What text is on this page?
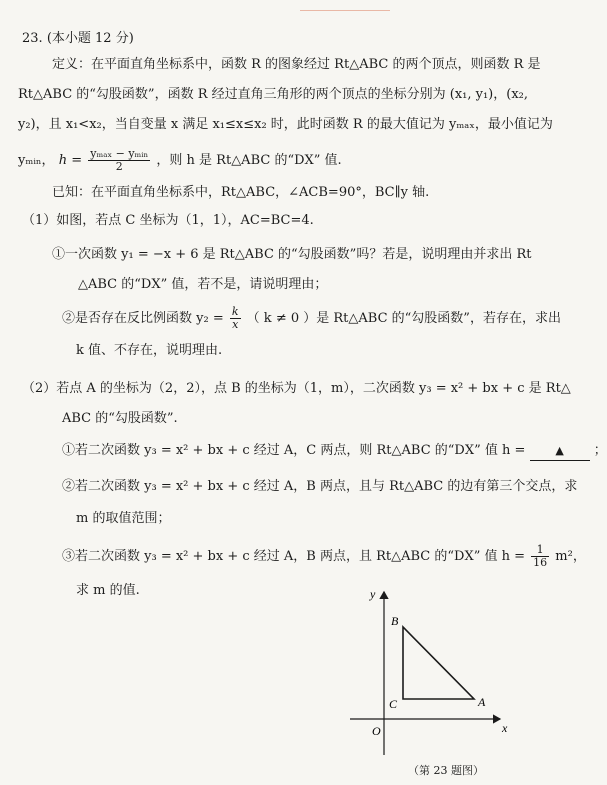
23. (本小题 12 分)
定义：在平面直角坐标系中，函数 R 的图象经过 Rt△ABC 的两个顶点，则函数 R 是
Rt△ABC 的“勾股函数”，函数 R 经过直角三角形的两个顶点的坐标分别为 (x₁, y₁)，(x₂,
y₂)，且 x₁<x₂，当自变量 x 满足 x₁≤x≤x₂ 时，此时函数 R 的最大值记为 yₘₐₓ，最小值记为
yₘᵢₙ， $h = \frac{\text{yₘₐₓ − yₘᵢₙ}}{2}$ ，则 h 是 Rt△ABC 的“DX” 值.
已知：在平面直角坐标系中，Rt△ABC，∠ACB=90°，BC∥y 轴.
（1）如图，若点 C 坐标为（1，1），AC=BC=4.
①一次函数 y₁ = −x + 6 是 Rt△ABC 的“勾股函数”吗？若是，说明理由并求出 Rt
△ABC 的“DX” 值，若不是，请说明理由；
②是否存在反比例函数 $y_2 = \frac{k}{x}$ （ k ≠ 0 ）是 Rt△ABC 的“勾股函数”，若存在，求出
k 值、不存在，说明理由.
（2）若点 A 的坐标为（2，2），点 B 的坐标为（1，m），二次函数 y₃ = x² + bx + c 是 Rt△
ABC 的“勾股函数”.
①若二次函数 y₃ = x² + bx + c 经过 A，C 两点，则 Rt△ABC 的“DX” 值 h =	▲ ；
②若二次函数 y₃ = x² + bx + c 经过 A，B 两点，且与 Rt△ABC 的边有第三个交点，求
m 的取值范围；
③若二次函数 y₃ = x² + bx + c 经过 A，B 两点，且 Rt△ABC 的“DX” 值 $h = \frac{1}{16} m^2$，
求 m 的值.	y
x
O
B
C	A
（第 23 题图）
